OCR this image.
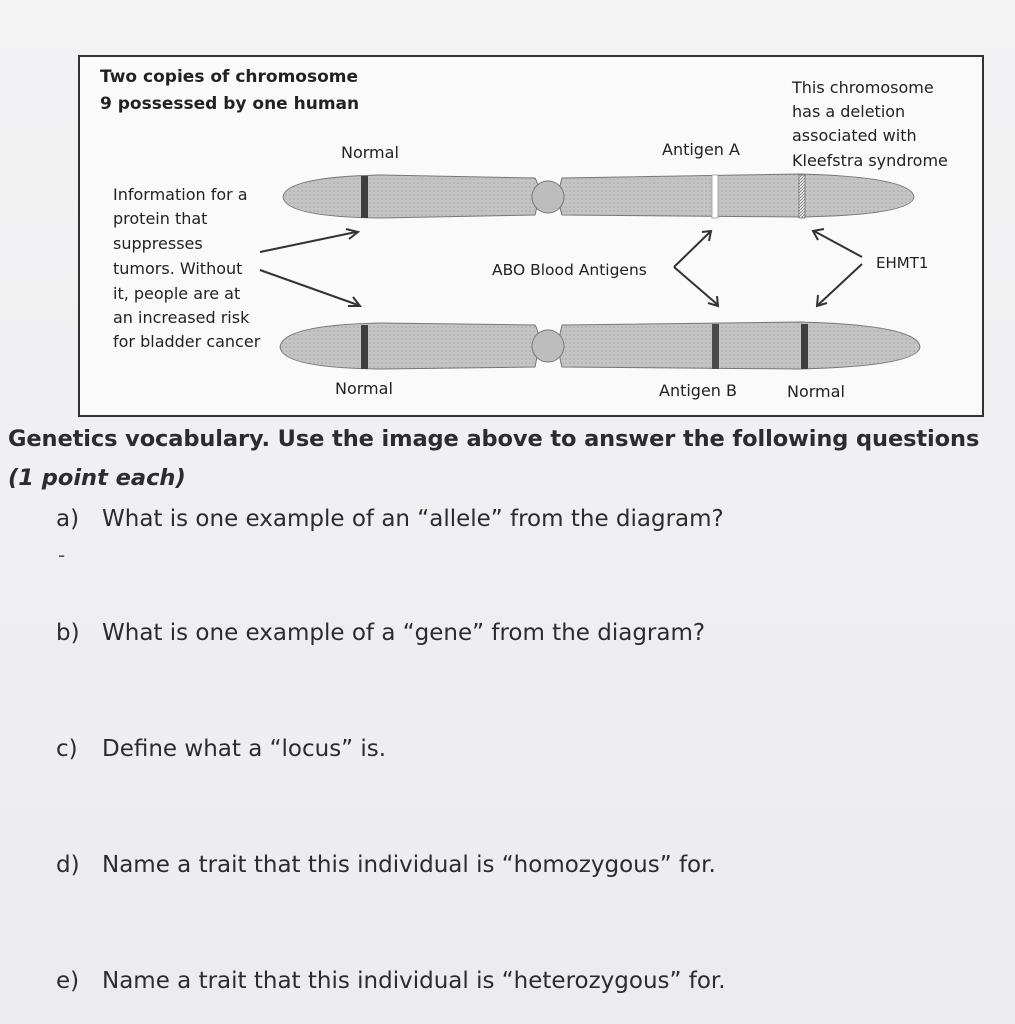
Two copies of chromosome
9 possessed by one human
This chromosome
has a deletion
associated with
Kleefstra syndrome
Normal	Antigen A
Information for a
protein that
suppresses
tumors. Without
it, people are at
an increased risk
for bladder cancer
ABO Blood Antigens	EHMT1
Normal	Antigen B	Normal
Genetics vocabulary. Use the image above to answer the following questions
(1 point each)
a) What is one example of an “allele” from the diagram?
-
b) What is one example of a “gene” from the diagram?
c) Define what a “locus” is.
d) Name a trait that this individual is “homozygous” for.
e) Name a trait that this individual is “heterozygous” for.
